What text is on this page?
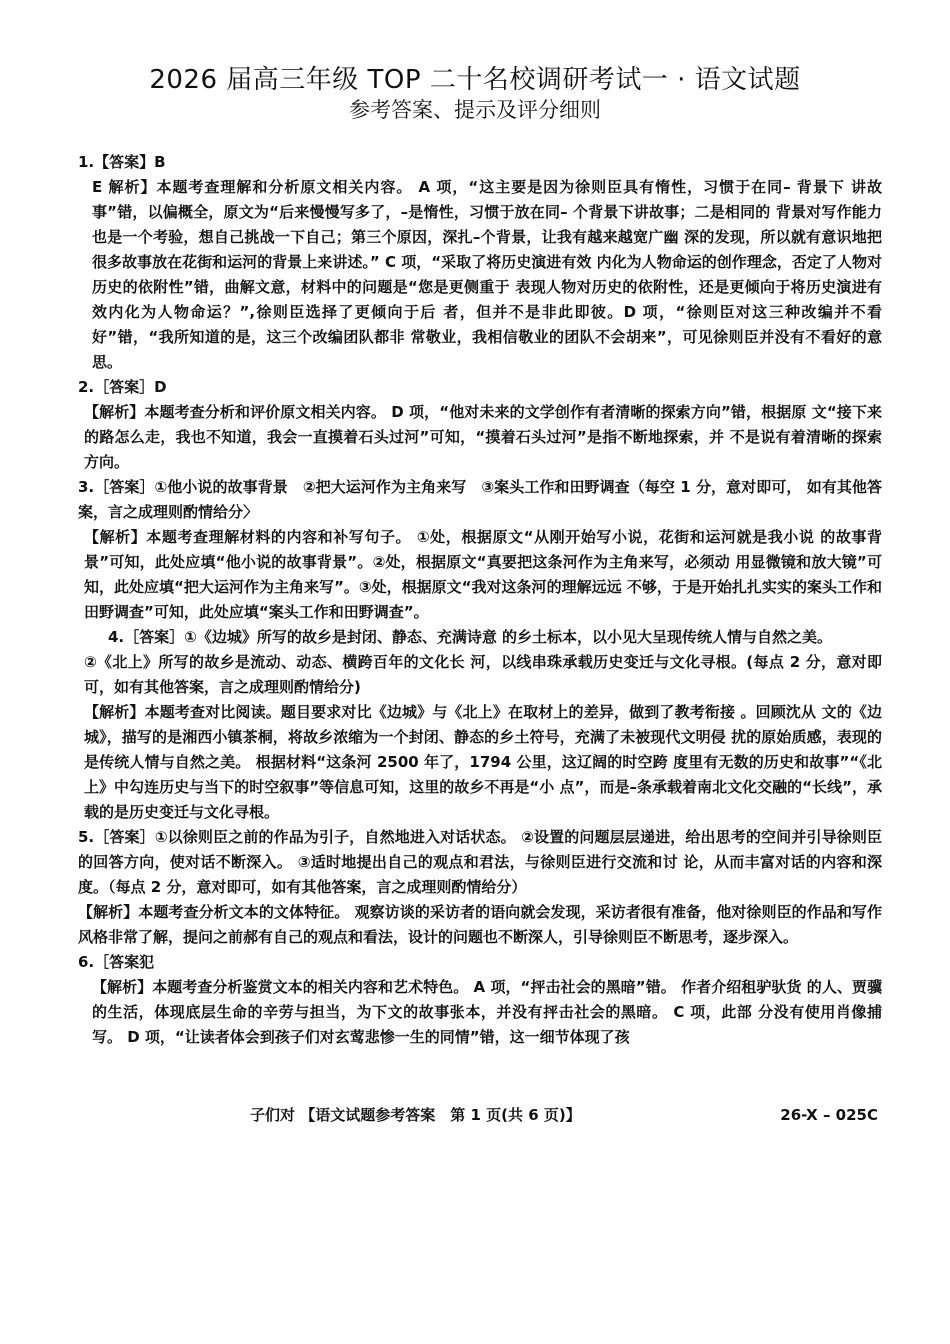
2026 届高三年级 TOP 二十名校调研考试一 · 语文试题
参考答案、提示及评分细则

1.【答案】B

E 解析】本题考查理解和分析原文相关内容。 A 项，“这主要是因为徐则臣具有惰性，习惯于在同– 背景下 讲故事”错，以偏概全，原文为“后来慢慢写多了，–是惰性，习惯于放在同– 个背景下讲故事；二是相同的 背景对写作能力也是一个考验，想自己挑战一下自己；第三个原因，深扎–个背景，让我有越来越宽广幽 深的发现，所以就有意识地把很多故事放在花街和运河的背景上来讲述。” C 项，“采取了将历史演进有效 内化为人物命运的创作理念，否定了人物对历史的依附性”错，曲解文意，材料中的问题是“您是更侧重于 表现人物对历史的依附性，还是更倾向于将历史演进有 效内化为人物命运？”,徐则臣选择了更倾向于后 者，但并不是非此即彼。D 项，“徐则臣对这三种改编并不看好”错，“我所知道的是，这三个改编团队都非 常敬业，我相信敬业的团队不会胡来”，可见徐则臣并没有不看好的意思。

2.［答案］D

【解析】本题考查分析和评价原文相关内容。 D 项，“他对未来的文学创作有者清晰的探索方向”错，根据原 文“接下来的路怎么走，我也不知道，我会一直摸着石头过河”可知，“摸着石头过河”是指不断地探索，并 不是说有着清晰的探索方向。

3.［答案］①他小说的故事背景　②把大运河作为主角来写　③案头工作和田野调查（每空 1 分，意对即可， 如有其他答案，言之成理则酌情给分〉

【解析】本题考查理解材料的内容和补写句子。 ①处，根据原文“从刚开始写小说，花街和运河就是我小说 的故事背景”可知，此处应填“他小说的故事背景”。②处，根据原文“真要把这条河作为主角来写，必须动 用显微镜和放大镜”可知，此处应填“把大运河作为主角来写”。③处，根据原文“我对这条河的理解远远 不够，于是开始扎扎实实的案头工作和田野调查”可知，此处应填“案头工作和田野调查”。

4.［答案］①《边城》所写的故乡是封闭、静态、充满诗意 的乡土标本，以小见大呈现传统人情与自然之美。

②《北上》所写的故乡是流动、动态、横跨百年的文化长 河，以线串珠承载历史变迁与文化寻根。(每点 2 分，意对即可，如有其他答案，言之成理则酌情给分)

【解析】本题考查对比阅读。题目要求对比《边城》与《北上》在取材上的差异，做到了教考衔接 。回顾沈从 文的《边城》，描写的是湘西小镇茶桐，将故乡浓缩为一个封闭、静态的乡土符号，充满了未被现代文明侵 扰的原始质感，表现的是传统人情与自然之美。 根据材料“这条河 2500 年了，1794 公里，这辽阔的时空跨 度里有无数的历史和故事”“《北上》中勾连历史与当下的时空叙事”等信息可知，这里的故乡不再是“小 点”，而是–条承载着南北文化交融的“长线”，承载的是历史变迁与文化寻根。

5.［答案］①以徐则臣之前的作品为引子，自然地进入对话状态。 ②设置的问题层层递进，给出思考的空间并引导徐则臣的回答方向，使对话不断深入。 ③适时地提出自己的观点和君法，与徐则臣进行交流和讨 论，从而丰富对话的内容和深度。（每点 2 分，意对即可，如有其他答案，言之成理则酌情给分）

【解析】本题考查分析文本的文体特征。 观察访谈的采访者的语向就会发现，采访者很有准备，他对徐则臣的作品和写作风格非常了解，提问之前郝有自己的观点和看法，设计的问题也不断深人，引导徐则臣不断思考，逐步深入。

6.［答案犯

【解析】本题考查分析鉴赏文本的相关内容和艺术特色。 A 项，“抨击社会的黑暗”错。 作者介绍租驴驮货 的人、贾骥的生活，体现底层生命的辛劳与担当，为下文的故事张本，并没有抨击社会的黑暗。 C 项，此部 分没有使用肖像捕写。 D 项，“让读者体会到孩子们对玄莺悲惨一生的同情”错，这一细节体现了孩

子们对 【语文试题参考答案　第 1 页(共 6 页)】	26-X – 025C
